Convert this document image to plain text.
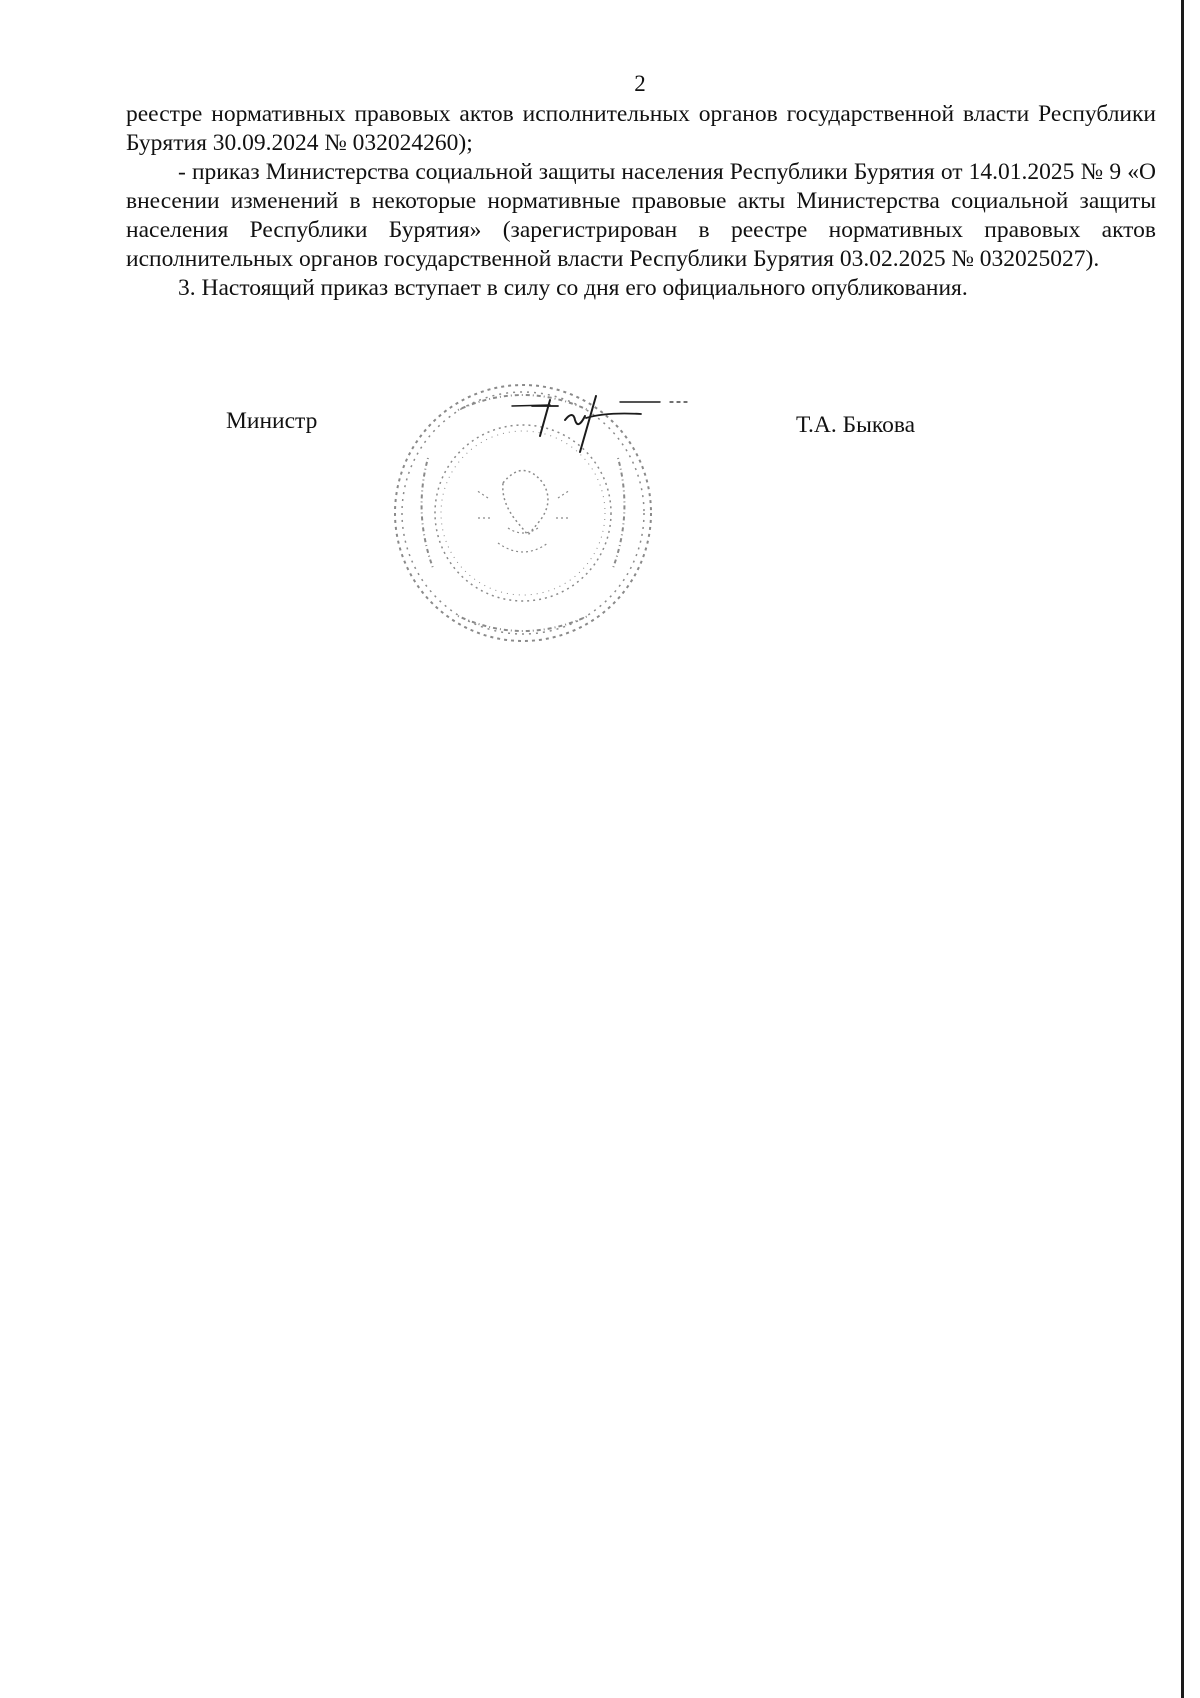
2

реестре нормативных правовых актов исполнительных органов государственной власти Республики Бурятия 30.09.2024 № 032024260);

- приказ Министерства социальной защиты населения Республики Бурятия от 14.01.2025 № 9 «О внесении изменений в некоторые нормативные правовые акты Министерства социальной защиты населения Республики Бурятия» (зарегистрирован в реестре нормативных правовых актов исполнительных органов государственной власти Республики Бурятия 03.02.2025 № 032025027).

3. Настоящий приказ вступает в силу со дня его официального опубликования.

Министр	Т.А. Быкова
